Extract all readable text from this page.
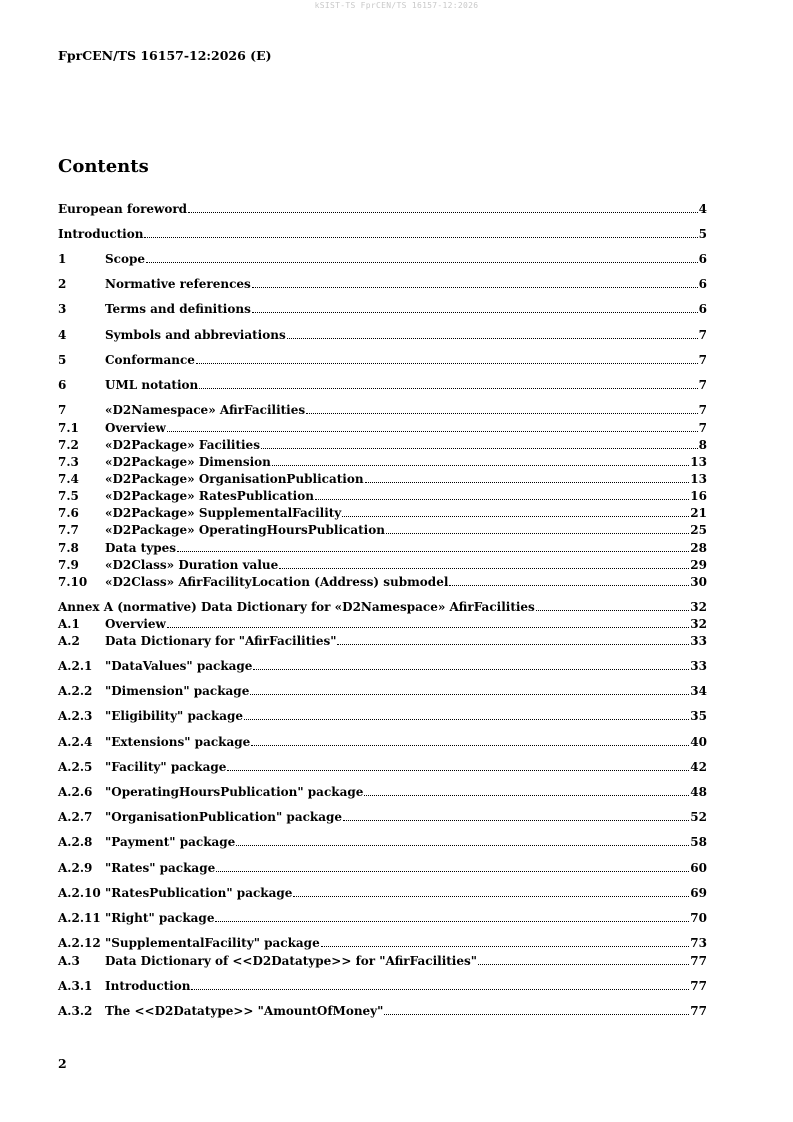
kSIST-TS FprCEN/TS 16157-12:2026
FprCEN/TS 16157-12:2026 (E)
Contents
European foreword	4
Introduction	5
1	Scope	6
2	Normative references	6
3	Terms and definitions	6
4	Symbols and abbreviations	7
5	Conformance	7
6	UML notation	7
7	«D2Namespace» AfirFacilities	7
7.1	Overview	7
7.2	«D2Package» Facilities	8
7.3	«D2Package» Dimension	13
7.4	«D2Package» OrganisationPublication	13
7.5	«D2Package» RatesPublication	16
7.6	«D2Package» SupplementalFacility	21
7.7	«D2Package» OperatingHoursPublication	25
7.8	Data types	28
7.9	«D2Class» Duration value	29
7.10	«D2Class» AfirFacilityLocation (Address) submodel	30
Annex A (normative) Data Dictionary for «D2Namespace» AfirFacilities	32
A.1	Overview	32
A.2	Data Dictionary for "AfirFacilities"	33
A.2.1	"DataValues" package	33
A.2.2	"Dimension" package	34
A.2.3	"Eligibility" package	35
A.2.4	"Extensions" package	40
A.2.5	"Facility" package	42
A.2.6	"OperatingHoursPublication" package	48
A.2.7	"OrganisationPublication" package	52
A.2.8	"Payment" package	58
A.2.9	"Rates" package	60
A.2.10 "RatesPublication" package	69
A.2.11 "Right" package	70
A.2.12 "SupplementalFacility" package	73
A.3	Data Dictionary of <<D2Datatype>> for "AfirFacilities"	77
A.3.1	Introduction	77
A.3.2	The <<D2Datatype>> "AmountOfMoney"	77
2
